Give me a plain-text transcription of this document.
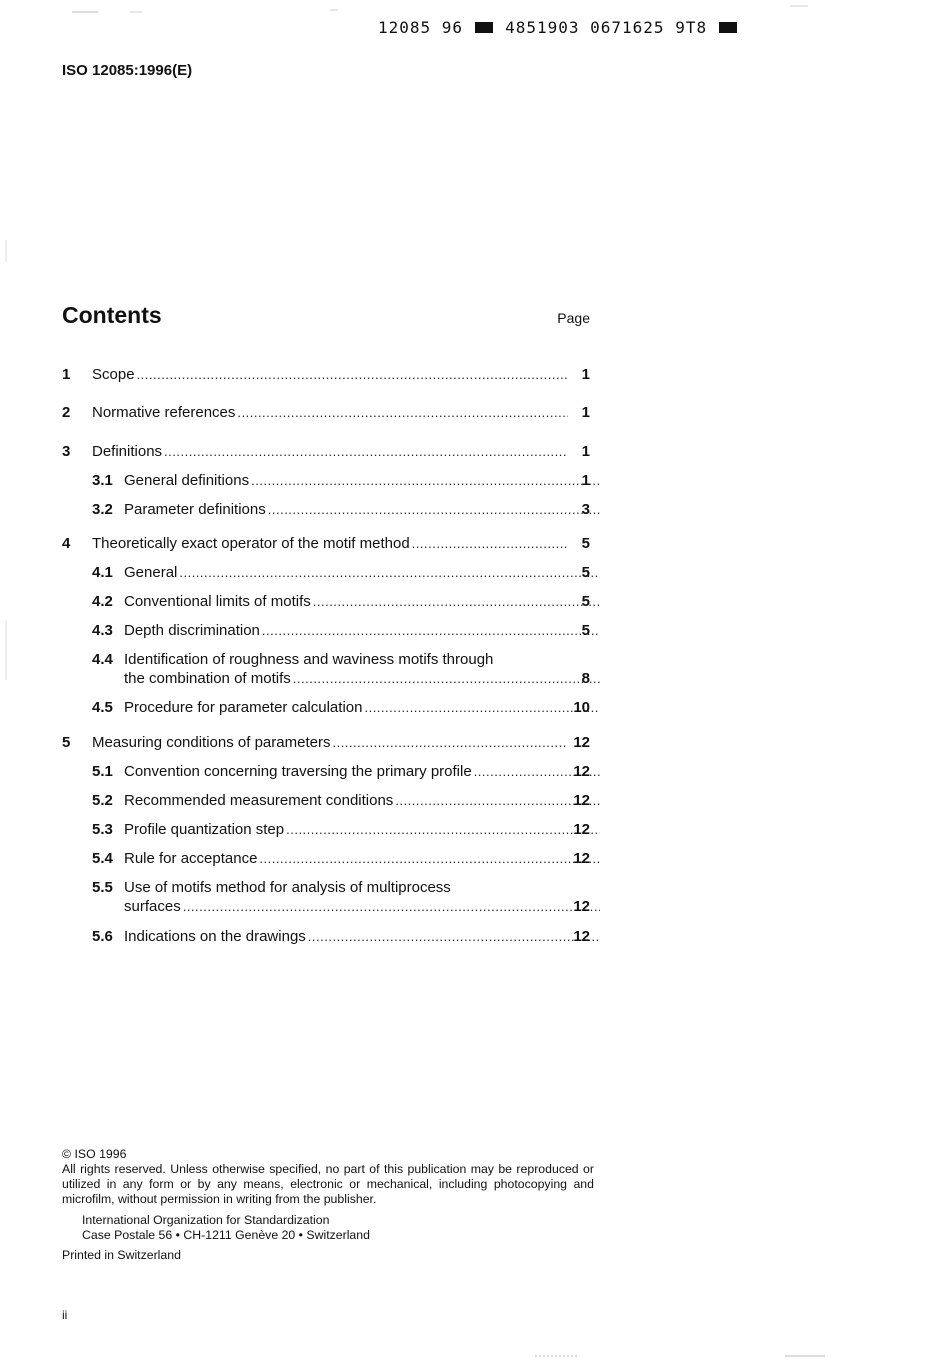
12085 96	4851903 0671625 9T8
ISO 12085:1996(E)
Contents	Page
1 Scope .....	1
2 Normative references .....	1
3 Definitions .....	1
3.1 General definitions .....	1
3.2 Parameter definitions .....	3
4 Theoretically exact operator of the motif method .....	5
4.1 General .....	5
4.2 Conventional limits of motifs .....	5
4.3 Depth discrimination .....	5
4.4 Identification of roughness and waviness motifs through
the combination of motifs .....	8
4.5 Procedure for parameter calculation .....	10
5 Measuring conditions of parameters .....	12
5.1 Convention concerning traversing the primary profile .....	12
5.2 Recommended measurement conditions .....	12
5.3 Profile quantization step .....	12
5.4 Rule for acceptance .....	12
5.5 Use of motifs method for analysis of multiprocess
surfaces .....	12
5.6 Indications on the drawings .....	12
© ISO 1996
All rights reserved. Unless otherwise specified, no part of this publication may be reproduced or utilized in any form or by any means, electronic or mechanical, including photocopying and microfilm, without permission in writing from the publisher.
International Organization for Standardization
Case Postale 56 • CH-1211 Genève 20 • Switzerland
Printed in Switzerland
ii
